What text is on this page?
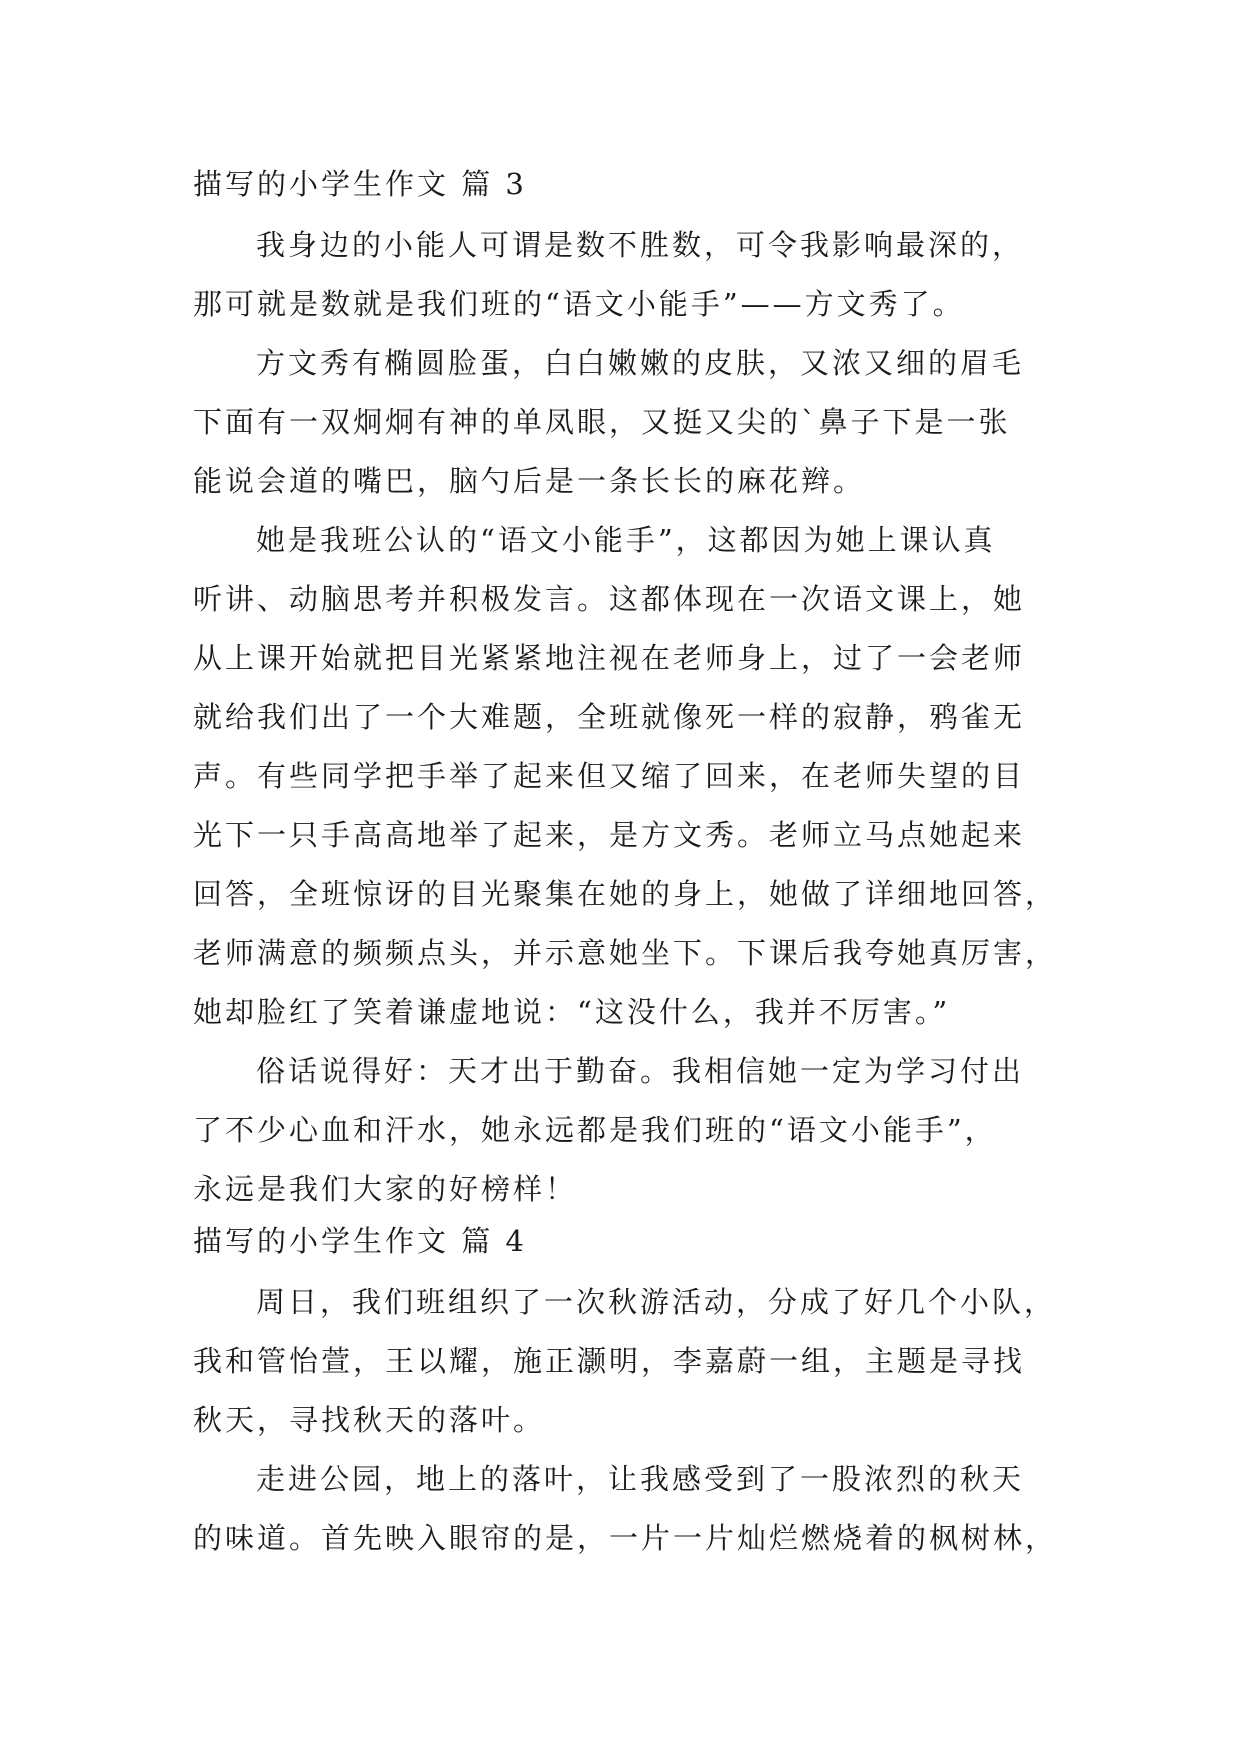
描写的小学生作文 篇 3
我身边的小能人可谓是数不胜数，可令我影响最深的，
那可就是数就是我们班的“语文小能手”——方文秀了。
方文秀有椭圆脸蛋，白白嫩嫩的皮肤，又浓又细的眉毛
下面有一双炯炯有神的单凤眼，又挺又尖的`鼻子下是一张
能说会道的嘴巴，脑勺后是一条长长的麻花辫。
她是我班公认的“语文小能手”，这都因为她上课认真
听讲、动脑思考并积极发言。这都体现在一次语文课上，她
从上课开始就把目光紧紧地注视在老师身上，过了一会老师
就给我们出了一个大难题，全班就像死一样的寂静，鸦雀无
声。有些同学把手举了起来但又缩了回来，在老师失望的目
光下一只手高高地举了起来，是方文秀。老师立马点她起来
回答，全班惊讶的目光聚集在她的身上，她做了详细地回答，
老师满意的频频点头，并示意她坐下。下课后我夸她真厉害，
她却脸红了笑着谦虚地说：“这没什么，我并不厉害。”
俗话说得好：天才出于勤奋。我相信她一定为学习付出
了不少心血和汗水，她永远都是我们班的“语文小能手”，
永远是我们大家的好榜样！
描写的小学生作文 篇 4
周日，我们班组织了一次秋游活动，分成了好几个小队，
我和管怡萱，王以耀，施正灏明，李嘉蔚一组，主题是寻找
秋天，寻找秋天的落叶。
走进公园，地上的落叶，让我感受到了一股浓烈的秋天
的味道。首先映入眼帘的是，一片一片灿烂燃烧着的枫树林，
